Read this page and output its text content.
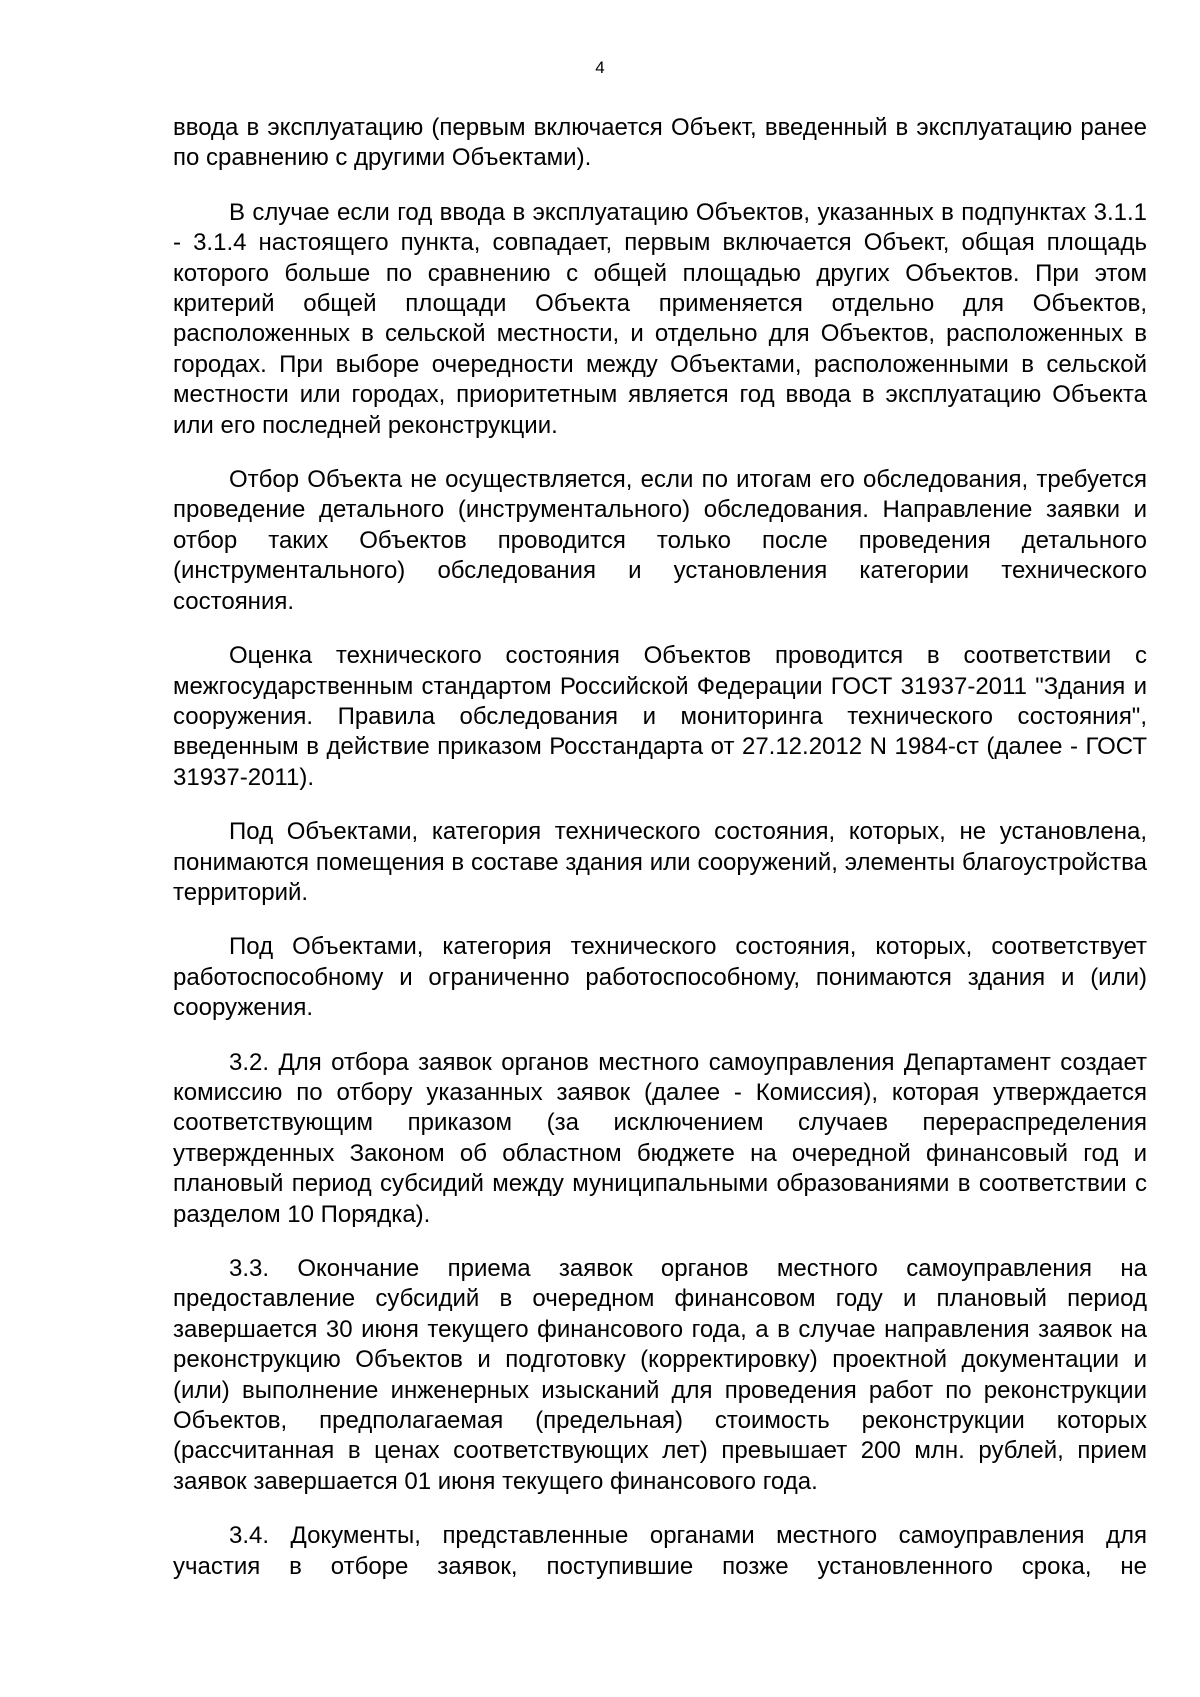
4

ввода в эксплуатацию (первым включается Объект, введенный в эксплуатацию ранее по сравнению с другими Объектами).

В случае если год ввода в эксплуатацию Объектов, указанных в подпунктах 3.1.1 - 3.1.4 настоящего пункта, совпадает, первым включается Объект, общая площадь которого больше по сравнению с общей площадью других Объектов. При этом критерий общей площади Объекта применяется отдельно для Объектов, расположенных в сельской местности, и отдельно для Объектов, расположенных в городах. При выборе очередности между Объектами, расположенными в сельской местности или городах, приоритетным является год ввода в эксплуатацию Объекта или его последней реконструкции.

Отбор Объекта не осуществляется, если по итогам его обследования, требуется проведение детального (инструментального) обследования. Направление заявки и отбор таких Объектов проводится только после проведения детального (инструментального) обследования и установления категории технического состояния.

Оценка технического состояния Объектов проводится в соответствии с межгосударственным стандартом Российской Федерации ГОСТ 31937-2011 "Здания и сооружения. Правила обследования и мониторинга технического состояния", введенным в действие приказом Росстандарта от 27.12.2012 N 1984-ст (далее - ГОСТ 31937-2011).

Под Объектами, категория технического состояния, которых, не установлена, понимаются помещения в составе здания или сооружений, элементы благоустройства территорий.

Под Объектами, категория технического состояния, которых, соответствует работоспособному и ограниченно работоспособному, понимаются здания и (или) сооружения.

3.2. Для отбора заявок органов местного самоуправления Департамент создает комиссию по отбору указанных заявок (далее - Комиссия), которая утверждается соответствующим приказом (за исключением случаев перераспределения утвержденных Законом об областном бюджете на очередной финансовый год и плановый период субсидий между муниципальными образованиями в соответствии с разделом 10 Порядка).

3.3. Окончание приема заявок органов местного самоуправления на предоставление субсидий в очередном финансовом году и плановый период завершается 30 июня текущего финансового года, а в случае направления заявок на реконструкцию Объектов и подготовку (корректировку) проектной документации и (или) выполнение инженерных изысканий для проведения работ по реконструкции Объектов, предполагаемая (предельная) стоимость реконструкции которых (рассчитанная в ценах соответствующих лет) превышает 200 млн. рублей, прием заявок завершается 01 июня текущего финансового года.

3.4. Документы, представленные органами местного самоуправления для участия в отборе заявок, поступившие позже установленного срока, не
